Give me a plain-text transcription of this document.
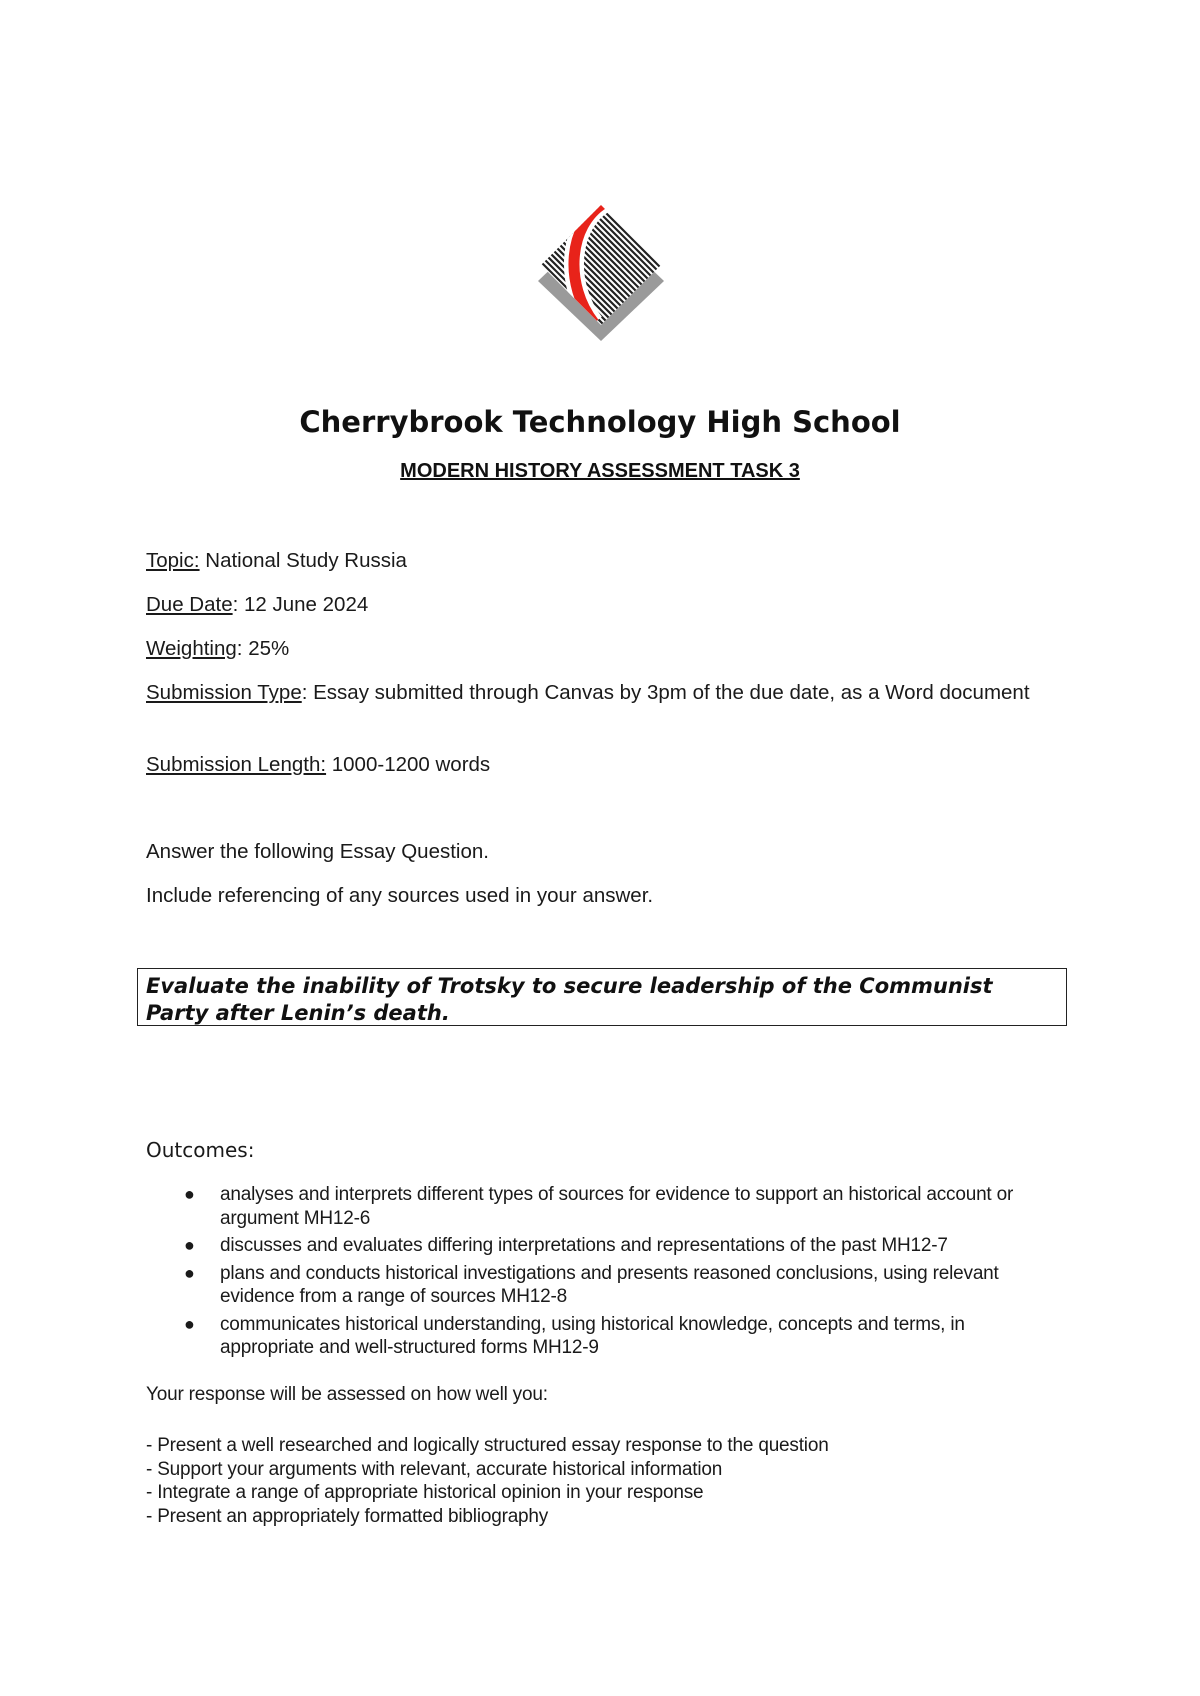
Cherrybrook Technology High School
MODERN HISTORY ASSESSMENT TASK 3
Topic: National Study Russia
Due Date: 12 June 2024
Weighting: 25%
Submission Type: Essay submitted through Canvas by 3pm of the due date, as a Word document
Submission Length: 1000-1200 words
Answer the following Essay Question.
Include referencing of any sources used in your answer.
Evaluate the inability of Trotsky to secure leadership of the Communist Party after Lenin’s death.
Outcomes:
● analyses and interprets different types of sources for evidence to support an historical account or argument MH12-6
● discusses and evaluates differing interpretations and representations of the past MH12-7
● plans and conducts historical investigations and presents reasoned conclusions, using relevant evidence from a range of sources MH12-8
● communicates historical understanding, using historical knowledge, concepts and terms, in appropriate and well-structured forms MH12-9
Your response will be assessed on how well you:
- Present a well researched and logically structured essay response to the question
- Support your arguments with relevant, accurate historical information
- Integrate a range of appropriate historical opinion in your response
- Present an appropriately formatted bibliography
